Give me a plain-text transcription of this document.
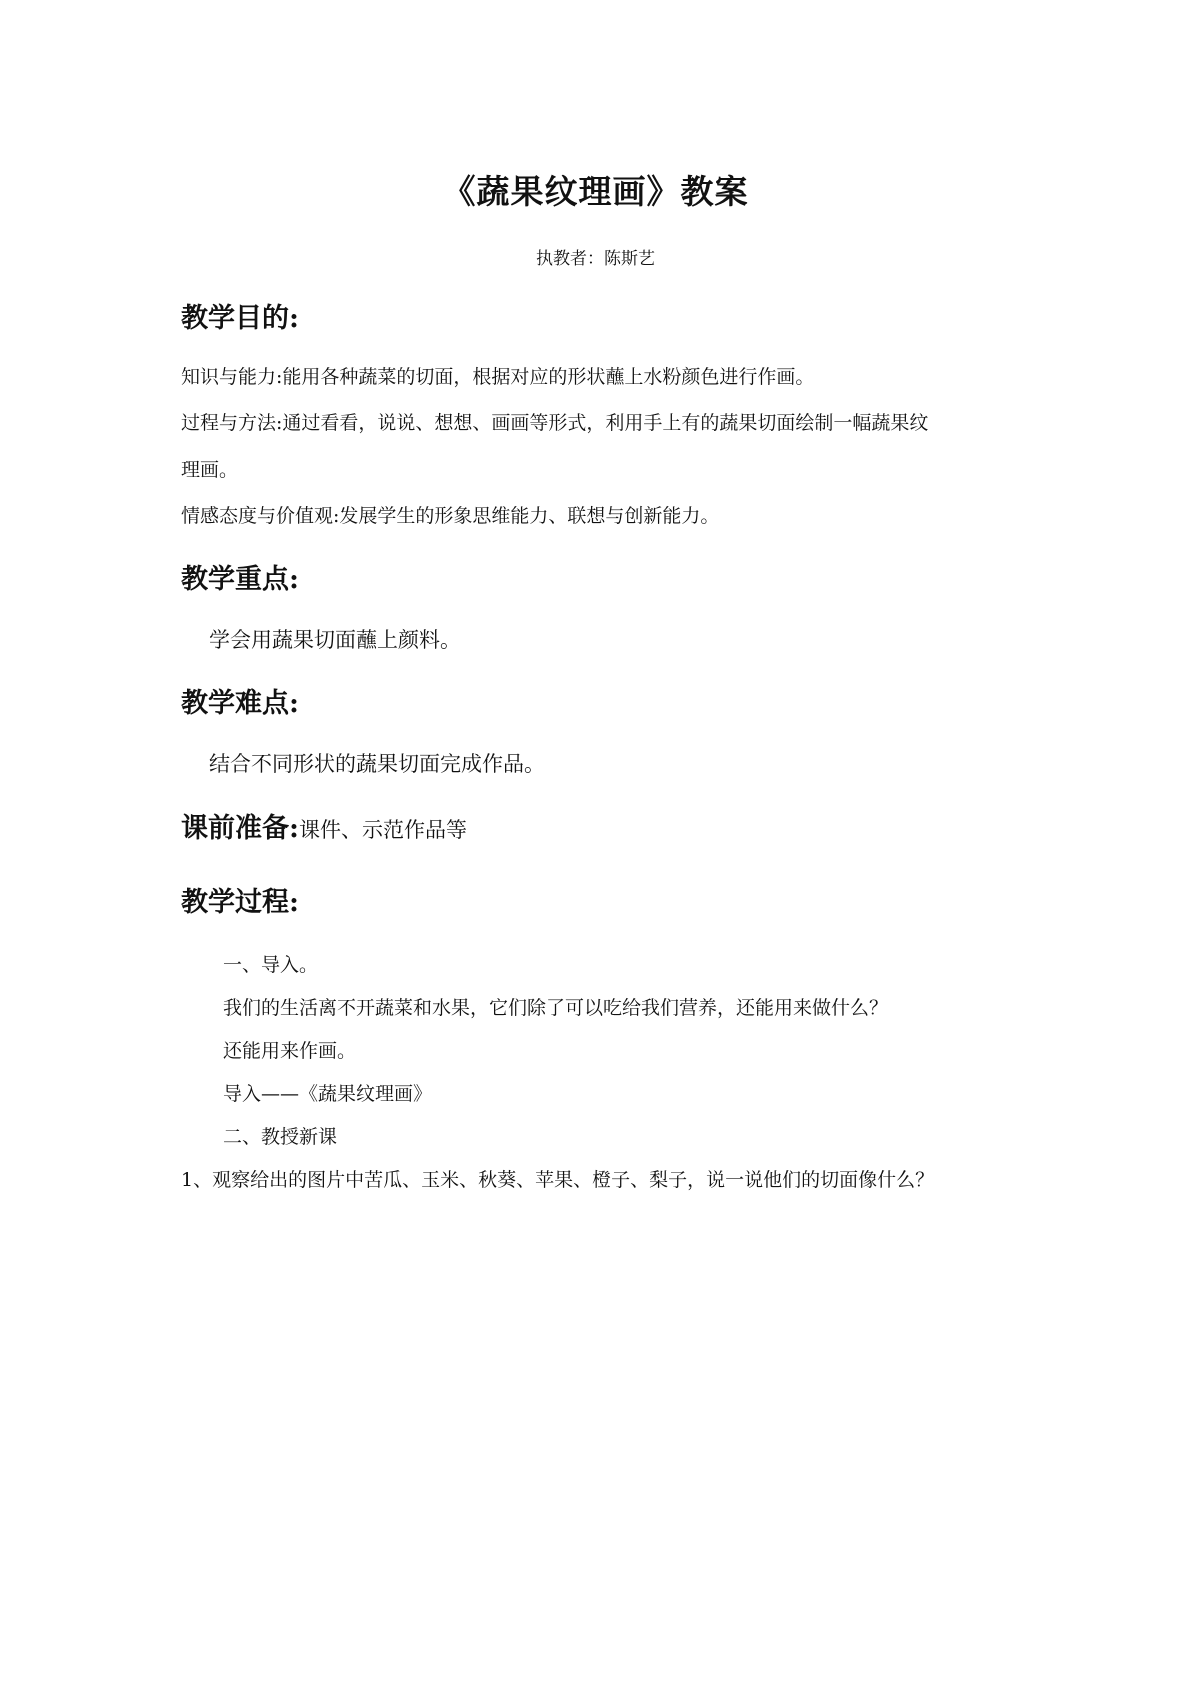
《蔬果纹理画》教案
执教者：陈斯艺
教学目的:

知识与能力:能用各种蔬菜的切面，根据对应的形状蘸上水粉颜色进行作画。

过程与方法:通过看看，说说、想想、画画等形式，利用手上有的蔬果切面绘制一幅蔬果纹

理画。

情感态度与价值观:发展学生的形象思维能力、联想与创新能力。

教学重点:

学会用蔬果切面蘸上颜料。

教学难点:

结合不同形状的蔬果切面完成作品。

课前准备:课件、示范作品等
教学过程:

一、导入。

我们的生活离不开蔬菜和水果，它们除了可以吃给我们营养，还能用来做什么？

还能用来作画。

导入——《蔬果纹理画》

二、教授新课

1、观察给出的图片中苦瓜、玉米、秋葵、苹果、橙子、梨子，说一说他们的切面像什么？
